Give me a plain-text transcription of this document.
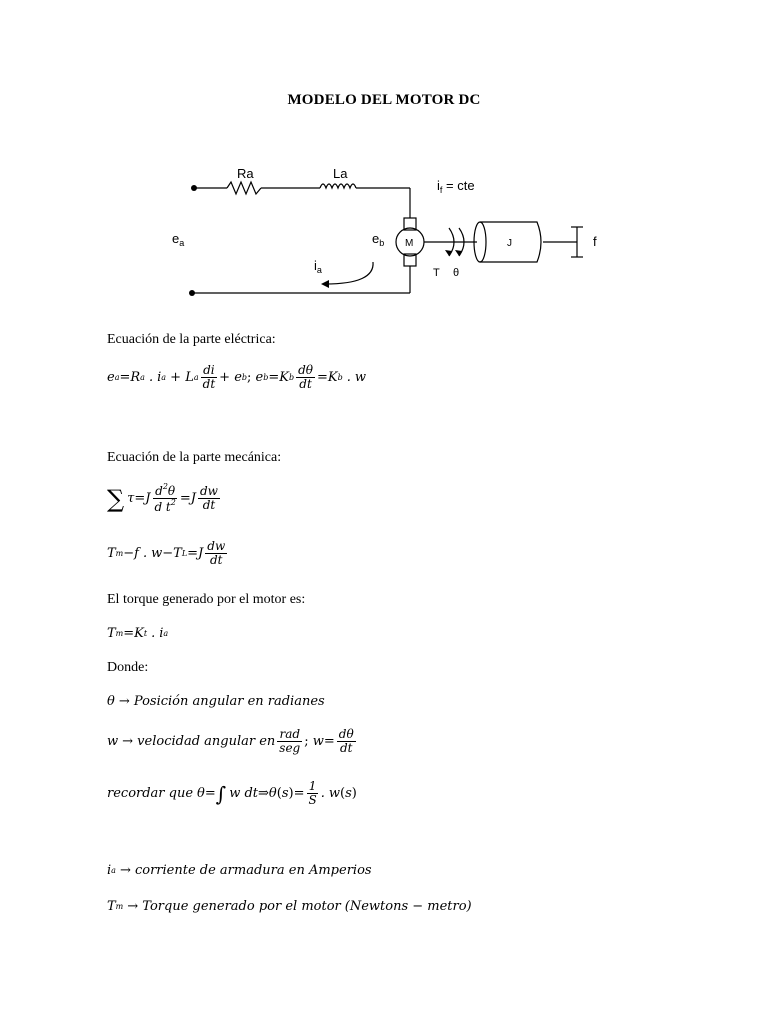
MODELO DEL MOTOR DC
Ra	La
$i_f$ = cte
$e_a$	$e_b$ M
$i_a$	T θ
J	f
Ecuación de la parte eléctrica:
e a =R a . i a + L a $\frac{di}{dt} + e$ b ; e b =K b $\frac{d\theta}{dt} =K$ b . w
Ecuación de la parte mecánica:
∑ $\tau=J \frac{d^2\theta}{d t^2} =J \frac{dw}{dt}$
T m − f . w − T $L =J \frac{dw}{dt}$
El torque generado por el motor es:
T m =K t . i a
Donde:
θ → Posición angular en radianes
w → velocidad angular en $\frac{\text{rad}}{\text{seg}}$ ; $w= \frac{d\theta}{dt}$
recordar que θ= ∫ w dt⇒θ ( s ) = $\frac{1}{S}$ . w ( s )
i a → corriente de armadura en Amperios
T m → Torque generado por el motor (Newtons − metro)
